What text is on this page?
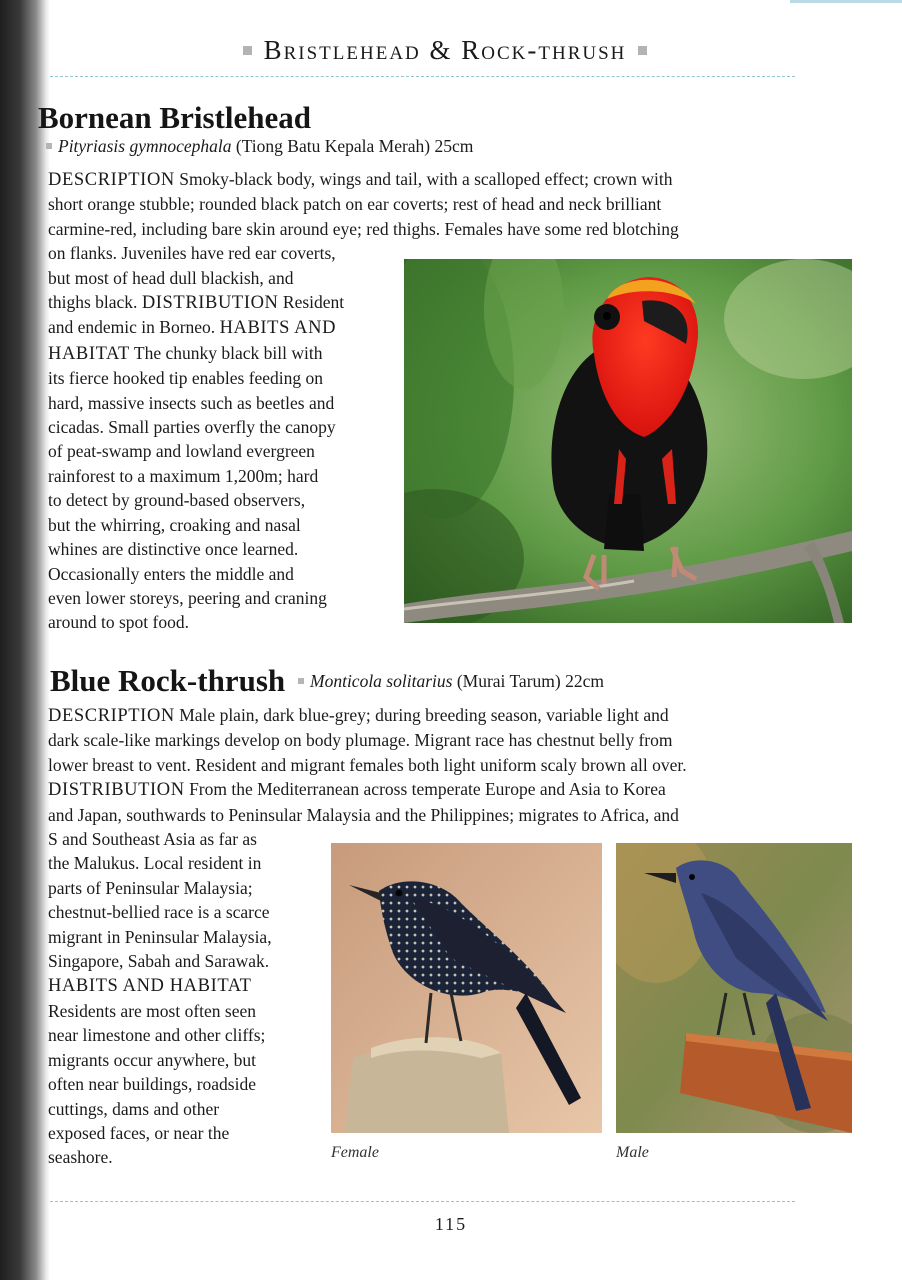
Bristlehead & Rock-thrush
Bornean Bristlehead
Pityriasis gymnocephala (Tiong Batu Kepala Merah) 25cm
DESCRIPTION Smoky-black body, wings and tail, with a scalloped effect; crown with
short orange stubble; rounded black patch on ear coverts; rest of head and neck brilliant
carmine-red, including bare skin around eye; red thighs. Females have some red blotching
on flanks. Juveniles have red ear coverts,
but most of head dull blackish, and
thighs black. DISTRIBUTION Resident
and endemic in Borneo. HABITS AND
HABITAT The chunky black bill with
its fierce hooked tip enables feeding on
hard, massive insects such as beetles and
cicadas. Small parties overfly the canopy
of peat-swamp and lowland evergreen
rainforest to a maximum 1,200m; hard
to detect by ground-based observers,
but the whirring, croaking and nasal
whines are distinctive once learned.
Occasionally enters the middle and
even lower storeys, peering and craning
around to spot food.
Blue Rock-thrush	Monticola solitarius (Murai Tarum) 22cm
DESCRIPTION Male plain, dark blue-grey; during breeding season, variable light and
dark scale-like markings develop on body plumage. Migrant race has chestnut belly from
lower breast to vent. Resident and migrant females both light uniform scaly brown all over.
DISTRIBUTION From the Mediterranean across temperate Europe and Asia to Korea
and Japan, southwards to Peninsular Malaysia and the Philippines; migrates to Africa, and
S and Southeast Asia as far as
the Malukus. Local resident in
parts of Peninsular Malaysia;
chestnut-bellied race is a scarce
migrant in Peninsular Malaysia,
Singapore, Sabah and Sarawak.
HABITS AND HABITAT
Residents are most often seen
near limestone and other cliffs;
migrants occur anywhere, but
often near buildings, roadside
cuttings, dams and other
exposed faces, or near the
seashore.	Female	Male
115
